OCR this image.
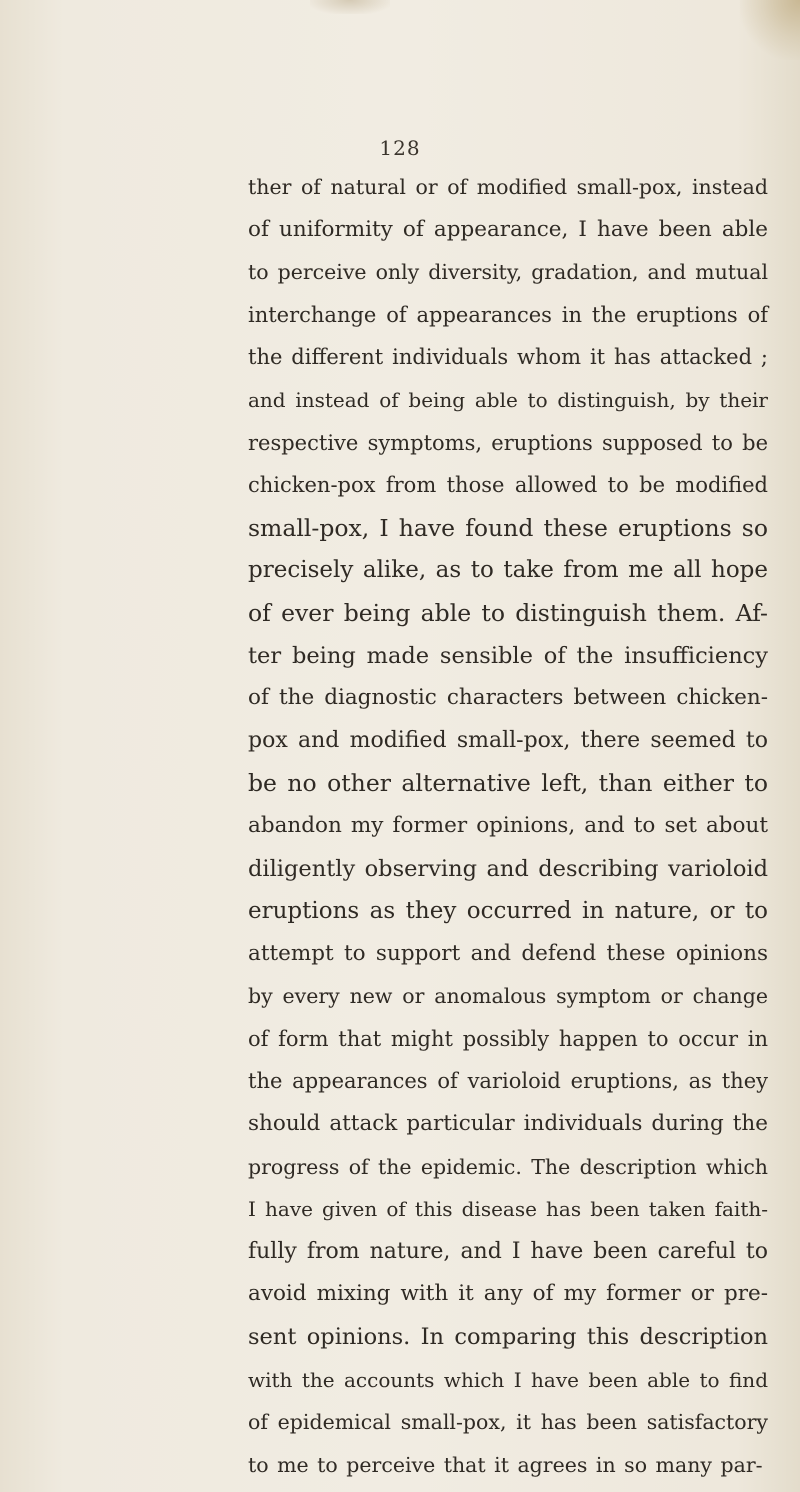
128
ther of natural or of modified small-pox, instead
of uniformity of appearance, I have been able
to perceive only diversity, gradation, and mutual
interchange of appearances in the eruptions of
the different individuals whom it has attacked ;
and instead of being able to distinguish, by their
respective symptoms, eruptions supposed to be
chicken-pox from those allowed to be modified
small-pox, I have found these eruptions so
precisely alike, as to take from me all hope
of ever being able to distinguish them. Af-
ter being made sensible of the insufficiency
of the diagnostic characters between chicken-
pox and modified small-pox, there seemed to
be no other alternative left, than either to
abandon my former opinions, and to set about
diligently observing and describing varioloid
eruptions as they occurred in nature, or to
attempt to support and defend these opinions
by every new or anomalous symptom or change
of form that might possibly happen to occur in
the appearances of varioloid eruptions, as they
should attack particular individuals during the
progress of the epidemic. The description which
I have given of this disease has been taken faith-
fully from nature, and I have been careful to
avoid mixing with it any of my former or pre-
sent opinions. In comparing this description
with the accounts which I have been able to find
of epidemical small-pox, it has been satisfactory
to me to perceive that it agrees in so many par-
